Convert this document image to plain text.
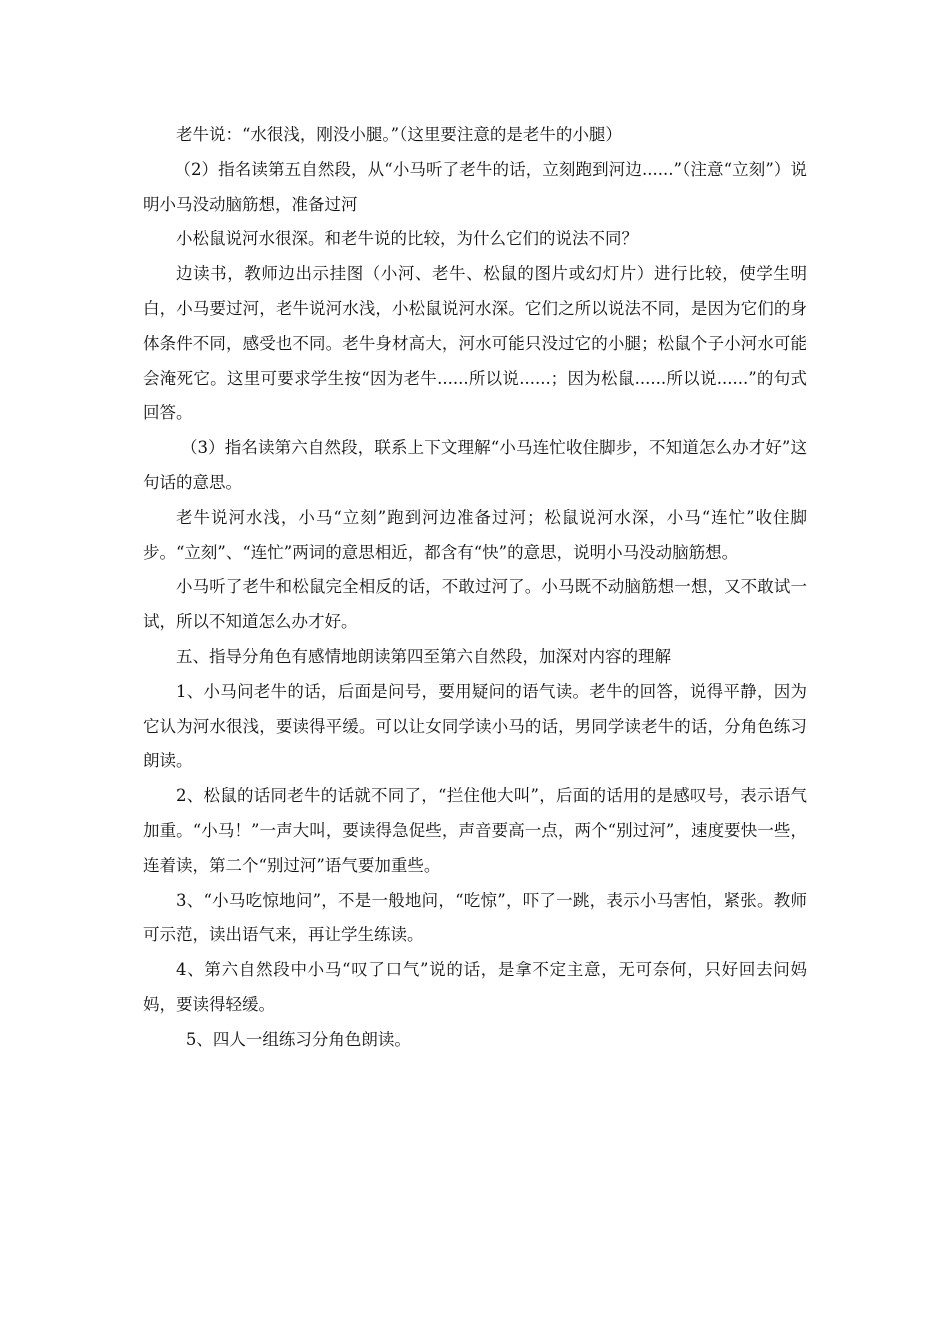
老牛说：“水很浅，刚没小腿。”（这里要注意的是老牛的小腿）

（2）指名读第五自然段，从“小马听了老牛的话，立刻跑到河边......”（注意“立刻”）说明小马没动脑筋想，准备过河

小松鼠说河水很深。和老牛说的比较，为什么它们的说法不同？

边读书，教师边出示挂图（小河、老牛、松鼠的图片或幻灯片）进行比较，使学生明白，小马要过河，老牛说河水浅，小松鼠说河水深。它们之所以说法不同，是因为它们的身体条件不同，感受也不同。老牛身材高大，河水可能只没过它的小腿；松鼠个子小河水可能会淹死它。这里可要求学生按“因为老牛......所以说......；因为松鼠......所以说......”的句式回答。

（3）指名读第六自然段，联系上下文理解“小马连忙收住脚步，不知道怎么办才好”这句话的意思。

老牛说河水浅，小马“立刻”跑到河边准备过河；松鼠说河水深，小马“连忙”收住脚步。“立刻”、“连忙”两词的意思相近，都含有“快”的意思，说明小马没动脑筋想。

小马听了老牛和松鼠完全相反的话，不敢过河了。小马既不动脑筋想一想，又不敢试一试，所以不知道怎么办才好。

五、指导分角色有感情地朗读第四至第六自然段，加深对内容的理解

1、小马问老牛的话，后面是问号，要用疑问的语气读。老牛的回答，说得平静，因为它认为河水很浅，要读得平缓。可以让女同学读小马的话，男同学读老牛的话，分角色练习朗读。

2、松鼠的话同老牛的话就不同了，“拦住他大叫”，后面的话用的是感叹号，表示语气加重。“小马！”一声大叫，要读得急促些，声音要高一点，两个“别过河”，速度要快一些，连着读，第二个“别过河”语气要加重些。

3、“小马吃惊地问”，不是一般地问，“吃惊”，吓了一跳，表示小马害怕，紧张。教师可示范，读出语气来，再让学生练读。

4、第六自然段中小马“叹了口气”说的话，是拿不定主意，无可奈何，只好回去问妈妈，要读得轻缓。

5、四人一组练习分角色朗读。
